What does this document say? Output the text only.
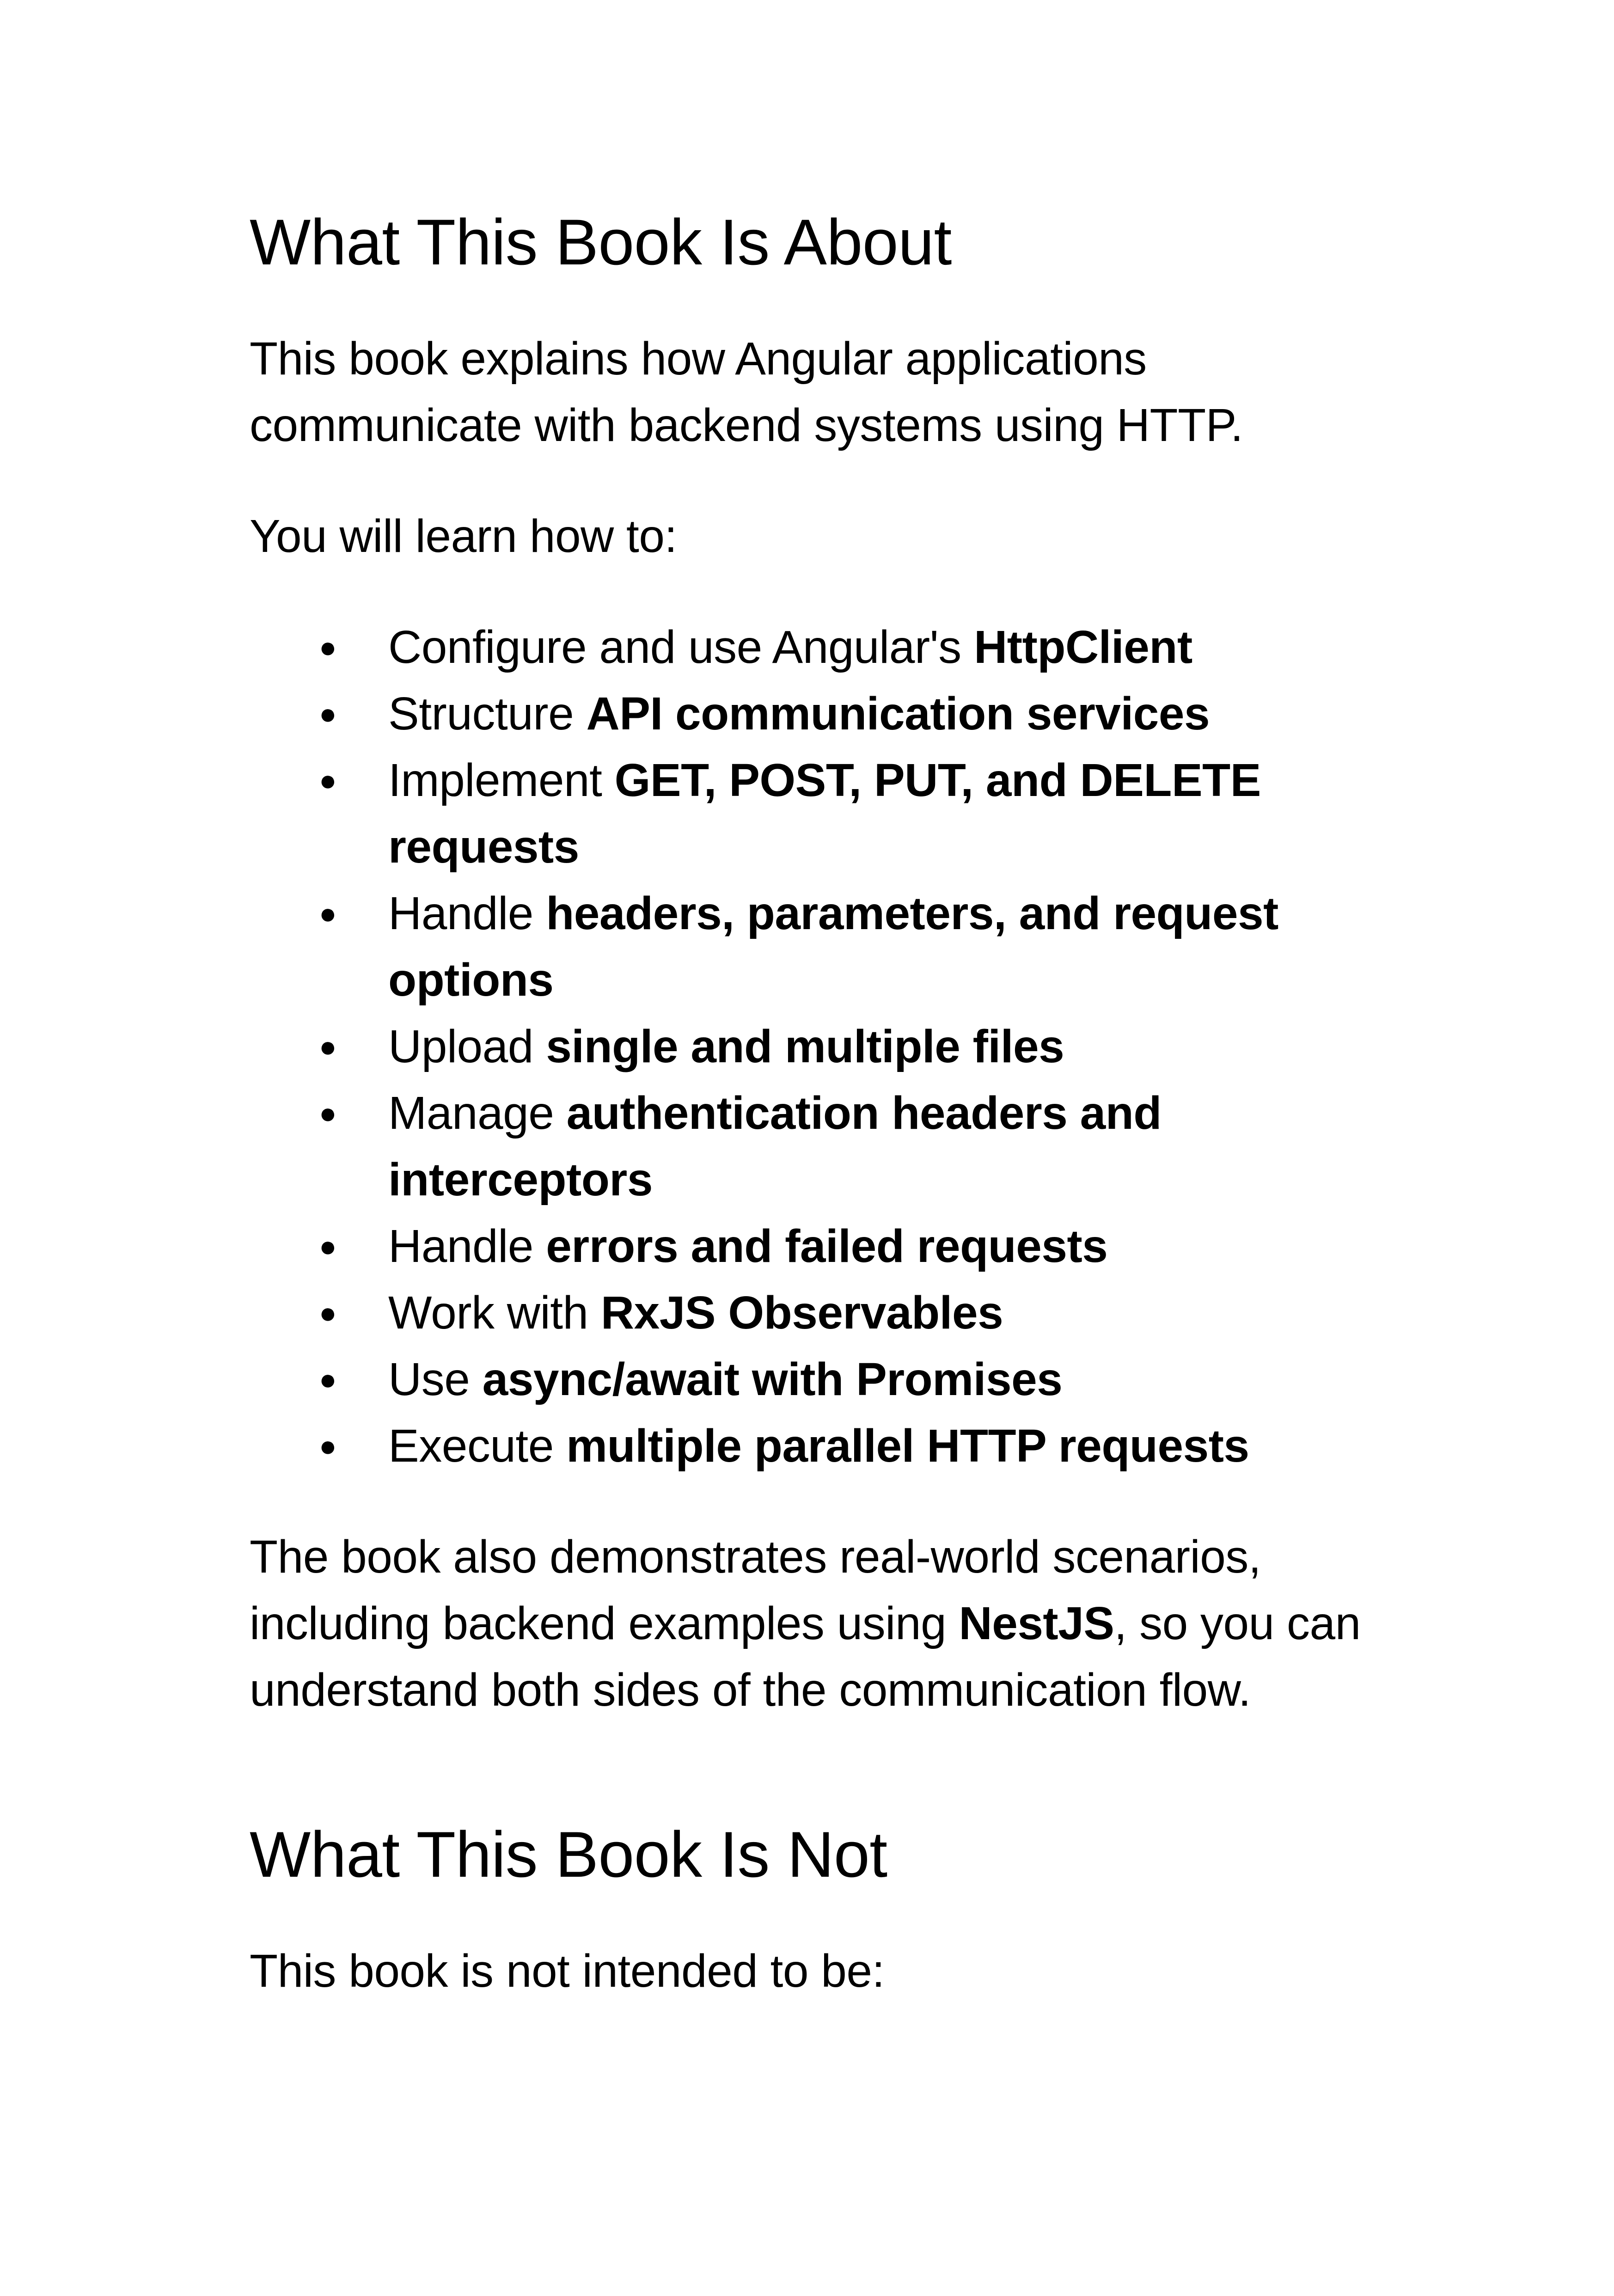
What This Book Is About

This book explains how Angular applications communicate with backend systems using HTTP.

You will learn how to:

●	Configure and use Angular's HttpClient
●	Structure API communication services
●	Implement GET, POST, PUT, and DELETE requests
●	Handle headers, parameters, and request options
●	Upload single and multiple files
●	Manage authentication headers and interceptors
●	Handle errors and failed requests
●	Work with RxJS Observables
●	Use async/await with Promises
●	Execute multiple parallel HTTP requests

The book also demonstrates real-world scenarios, including backend examples using NestJS, so you can understand both sides of the communication flow.

What This Book Is Not

This book is not intended to be:
